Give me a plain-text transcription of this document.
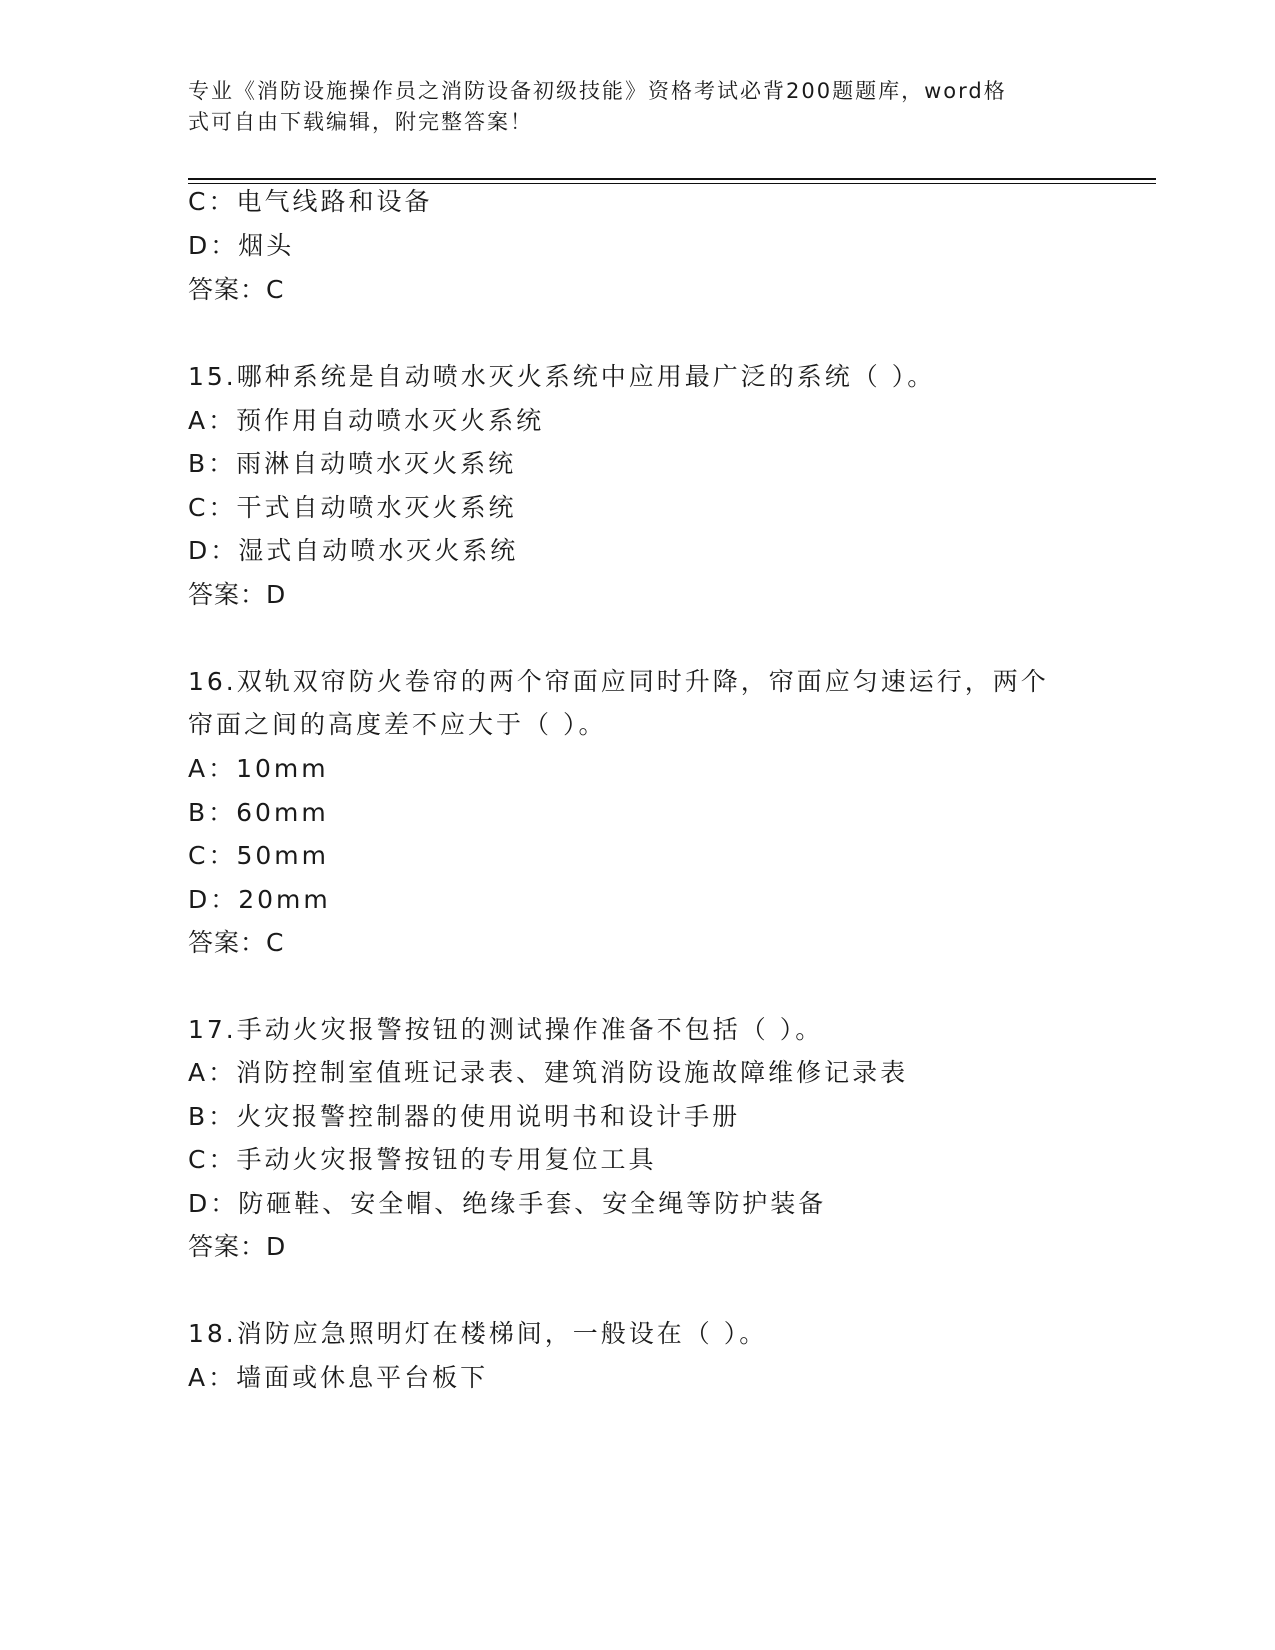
专业《消防设施操作员之消防设备初级技能》资格考试必背200题题库，word格
式可自由下载编辑，附完整答案！
C：电气线路和设备
D：烟头
答案：C
15.哪种系统是自动喷水灭火系统中应用最广泛的系统（ ）。
A：预作用自动喷水灭火系统
B：雨淋自动喷水灭火系统
C：干式自动喷水灭火系统
D：湿式自动喷水灭火系统
答案：D
16.双轨双帘防火卷帘的两个帘面应同时升降，帘面应匀速运行，两个
帘面之间的高度差不应大于（ ）。
A：10mm
B：60mm
C：50mm
D：20mm
答案：C
17.手动火灾报警按钮的测试操作准备不包括（ ）。
A：消防控制室值班记录表、建筑消防设施故障维修记录表
B：火灾报警控制器的使用说明书和设计手册
C：手动火灾报警按钮的专用复位工具
D：防砸鞋、安全帽、绝缘手套、安全绳等防护装备
答案：D
18.消防应急照明灯在楼梯间，一般设在（ ）。
A：墙面或休息平台板下
